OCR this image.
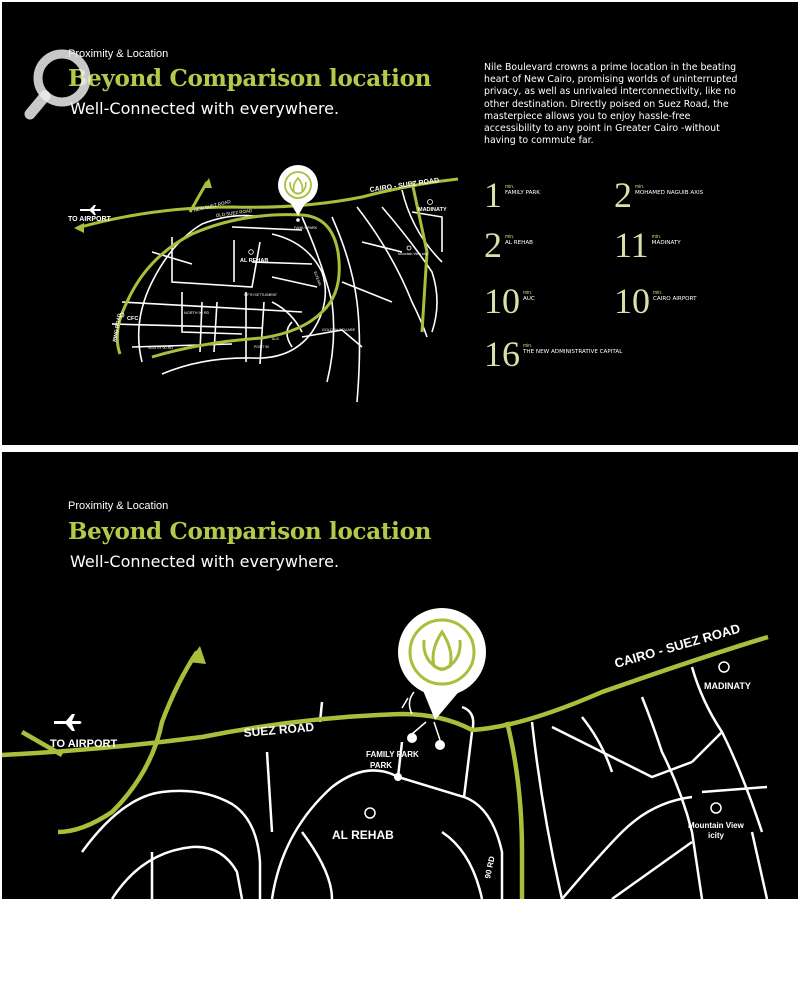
Proximity & Location
Beyond Comparison location
Well-Connected with everywhere.
Nile Boulevard crowns a prime location in the beating heart of New Cairo, promising worlds of uninterrupted privacy, as well as unrivaled interconnectivity, like no other destination. Directly poised on Suez Road, the masterpiece allows you to enjoy hassle-free accessibility to any point in Greater Cairo -without having to commute far.
1 min.
FAMILY PARK 2 min.
MOHAMED NAGUIB AXIS
2 min.
AL REHAB 11 min.
MADINATY
10 min.
AUC 10 min.
CAIRO AIRPORT
16 min.
THE NEW ADMINISTRATIVE CAPITAL
TO AIRPORT
CAIRO - SUEZ ROAD
MADINATY
NEW SUEZ ROAD
OLD SUEZ ROAD
FAMILY PARK
AL REHAB
RING ROAD CFC
NORTH 90 RD
SOUTH 90 RD
Mountain View icity
GOLDEN SQUARE
FIFTH SETTLEMENT
AUC
POINT 90
ELTESIN
Proximity & Location
Beyond Comparison location
Well-Connected with everywhere.
TO AIRPORT
SUEZ ROAD
CAIRO - SUEZ ROAD
MADINATY
FAMILY PARK
PARK
AL REHAB
Mountain View
icity
90 RD
1000 M
Directly on Suez Road
